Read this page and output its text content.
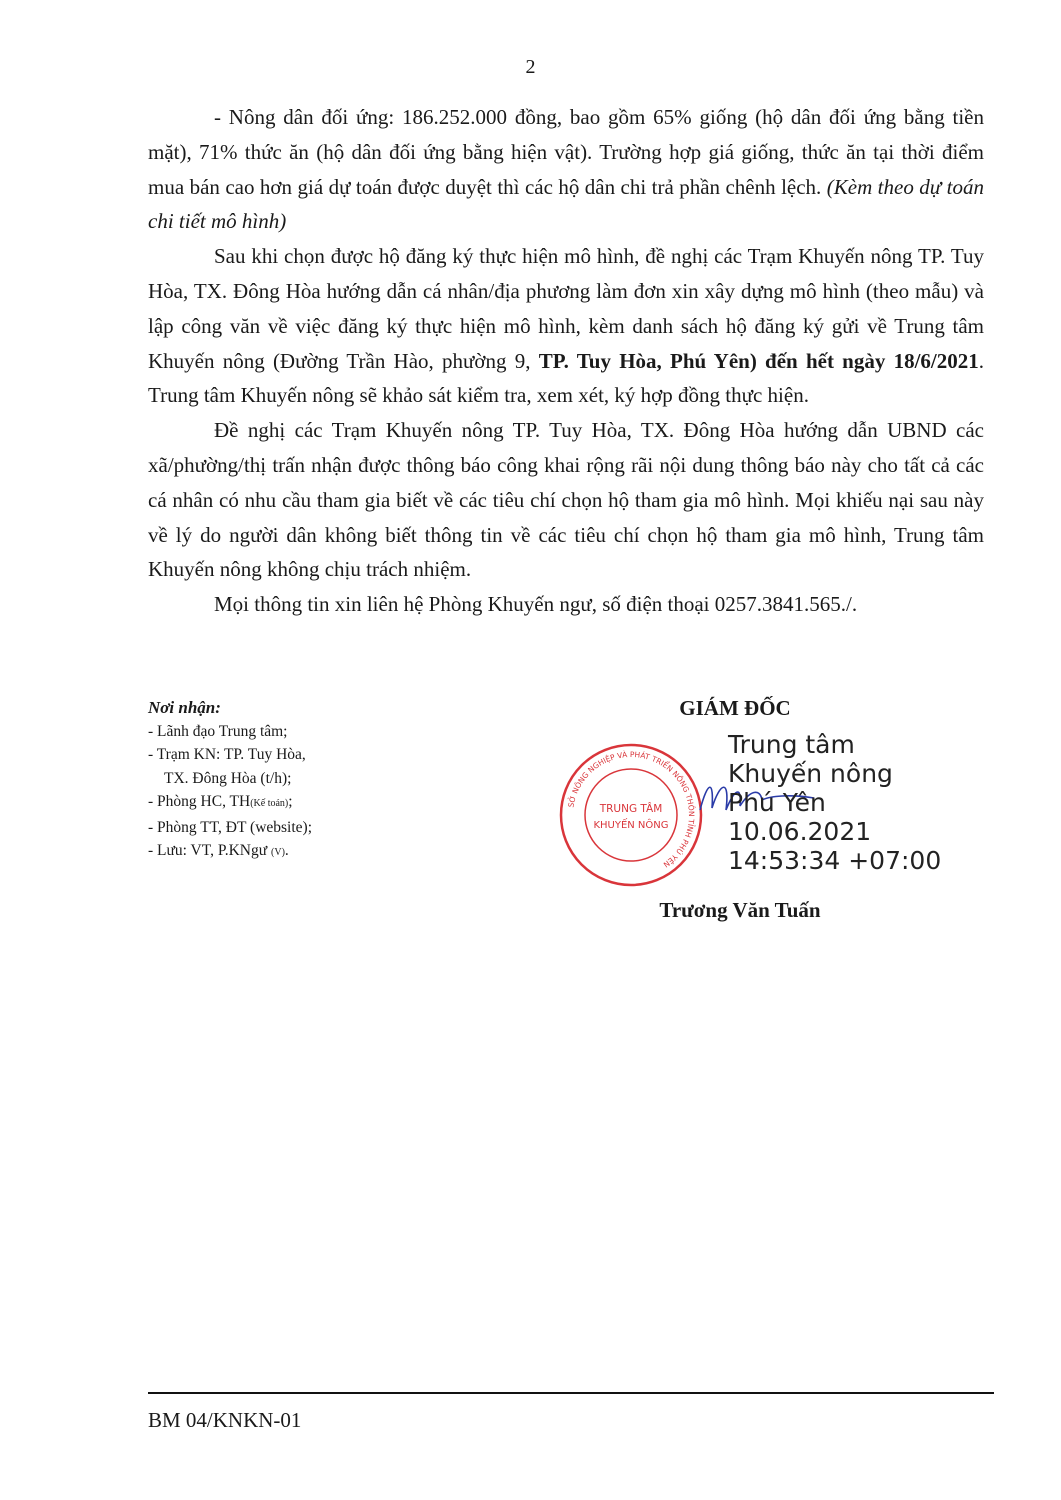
2

- Nông dân đối ứng: 186.252.000 đồng, bao gồm 65% giống (hộ dân đối ứng bằng tiền mặt), 71% thức ăn (hộ dân đối ứng bằng hiện vật). Trường hợp giá giống, thức ăn tại thời điểm mua bán cao hơn giá dự toán được duyệt thì các hộ dân chi trả phần chênh lệch. (Kèm theo dự toán chi tiết mô hình)

Sau khi chọn được hộ đăng ký thực hiện mô hình, đề nghị các Trạm Khuyến nông TP. Tuy Hòa, TX. Đông Hòa hướng dẫn cá nhân/địa phương làm đơn xin xây dựng mô hình (theo mẫu) và lập công văn về việc đăng ký thực hiện mô hình, kèm danh sách hộ đăng ký gửi về Trung tâm Khuyến nông (Đường Trần Hào, phường 9, TP. Tuy Hòa, Phú Yên) đến hết ngày 18/6/2021. Trung tâm Khuyến nông sẽ khảo sát kiểm tra, xem xét, ký hợp đồng thực hiện.

Đề nghị các Trạm Khuyến nông TP. Tuy Hòa, TX. Đông Hòa hướng dẫn UBND các xã/phường/thị trấn nhận được thông báo công khai rộng rãi nội dung thông báo này cho tất cả các cá nhân có nhu cầu tham gia biết về các tiêu chí chọn hộ tham gia mô hình. Mọi khiếu nại sau này về lý do người dân không biết thông tin về các tiêu chí chọn hộ tham gia mô hình, Trung tâm Khuyến nông không chịu trách nhiệm.

Mọi thông tin xin liên hệ Phòng Khuyến ngư, số điện thoại 0257.3841.565./.

Nơi nhận:
- Lãnh đạo Trung tâm;
- Trạm KN: TP. Tuy Hòa,
TX. Đông Hòa (t/h);
- Phòng HC, TH(Kế toán);
- Phòng TT, ĐT (website);
- Lưu: VT, P.KNgư (V).
GIÁM ĐỐC
SỞ NÔNG NGHIỆP VÀ PHÁT TRIỂN NÔNG THÔN TỈNH PHÚ YÊN
TRUNG TÂM
KHUYẾN NÔNG
Trung tâm
Khuyến nông
Phú Yên
10.06.2021
14:53:34 +07:00
Trương Văn Tuấn
BM 04/KNKN-01
